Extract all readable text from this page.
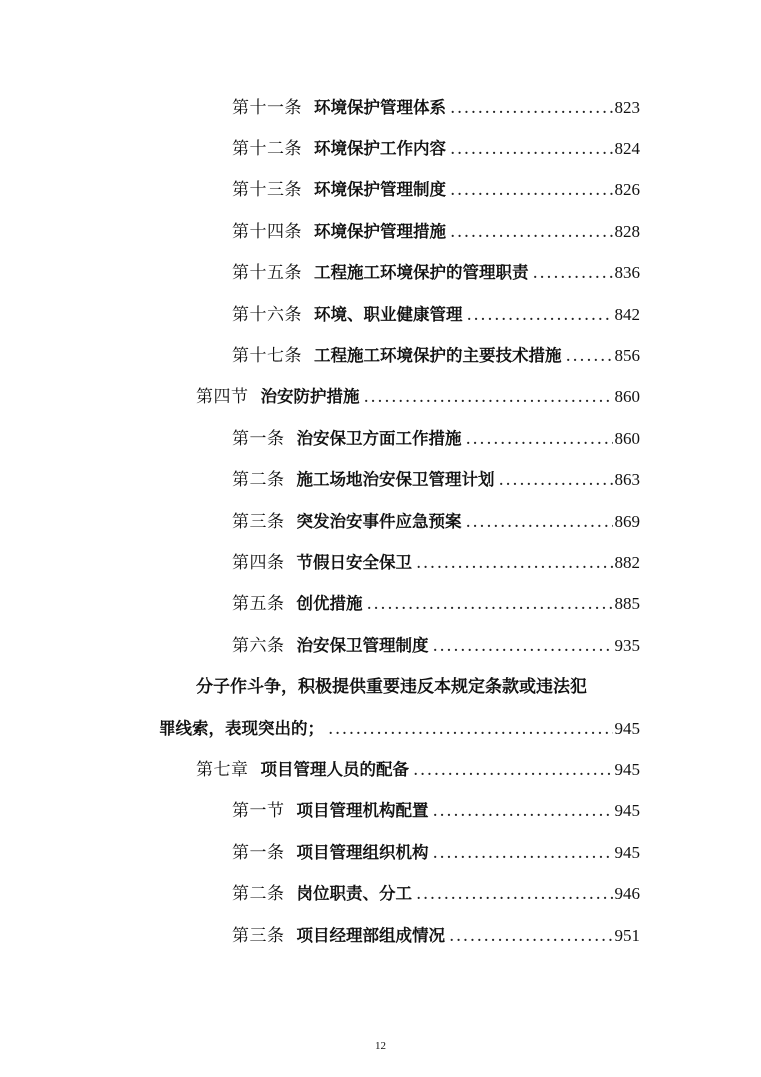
第十一条 环境保护管理体系 .....	823
第十二条 环境保护工作内容 .....	824
第十三条 环境保护管理制度 .....	826
第十四条 环境保护管理措施 .....	828
第十五条 工程施工环境保护的管理职责 .....	836
第十六条 环境、职业健康管理 .....	842
第十七条 工程施工环境保护的主要技术措施 .....	856
第四节 治安防护措施 .....	860
第一条 治安保卫方面工作措施 .....	860
第二条 施工场地治安保卫管理计划 .....	863
第三条 突发治安事件应急预案 .....	869
第四条 节假日安全保卫 .....	882
第五条 创优措施 .....	885
第六条 治安保卫管理制度 .....	935
分子作斗争，积极提供重要违反本规定条款或违法犯
罪线索，表现突出的； .....	945
第七章 项目管理人员的配备 .....	945
第一节 项目管理机构配置 .....	945
第一条 项目管理组织机构 .....	945
第二条 岗位职责、分工 .....	946
第三条 项目经理部组成情况 .....	951
12
